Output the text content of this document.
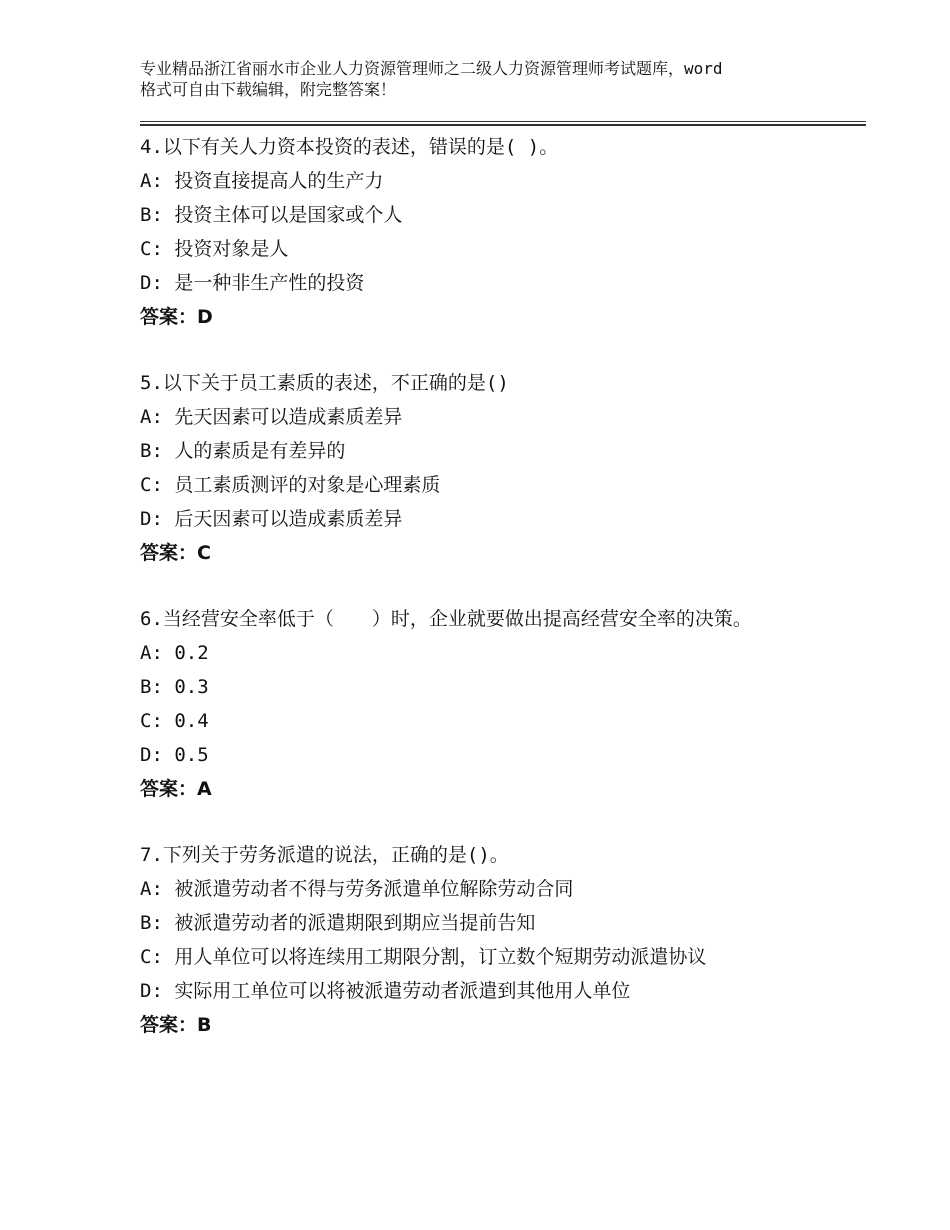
专业精品浙江省丽水市企业人力资源管理师之二级人力资源管理师考试题库，word
格式可自由下载编辑，附完整答案！

4.以下有关人力资本投资的表述，错误的是( )。

A: 投资直接提高人的生产力

B: 投资主体可以是国家或个人

C: 投资对象是人

D: 是一种非生产性的投资

答案：D

5.以下关于员工素质的表述，不正确的是()

A: 先天因素可以造成素质差异

B: 人的素质是有差异的

C: 员工素质测评的对象是心理素质

D: 后天因素可以造成素质差异

答案：C

6.当经营安全率低于（　　）时，企业就要做出提高经营安全率的决策。

A: 0.2

B: 0.3

C: 0.4

D: 0.5

答案：A

7.下列关于劳务派遣的说法，正确的是()。

A: 被派遣劳动者不得与劳务派遣单位解除劳动合同

B: 被派遣劳动者的派遣期限到期应当提前告知

C: 用人单位可以将连续用工期限分割，订立数个短期劳动派遣协议

D: 实际用工单位可以将被派遣劳动者派遣到其他用人单位

答案：B
